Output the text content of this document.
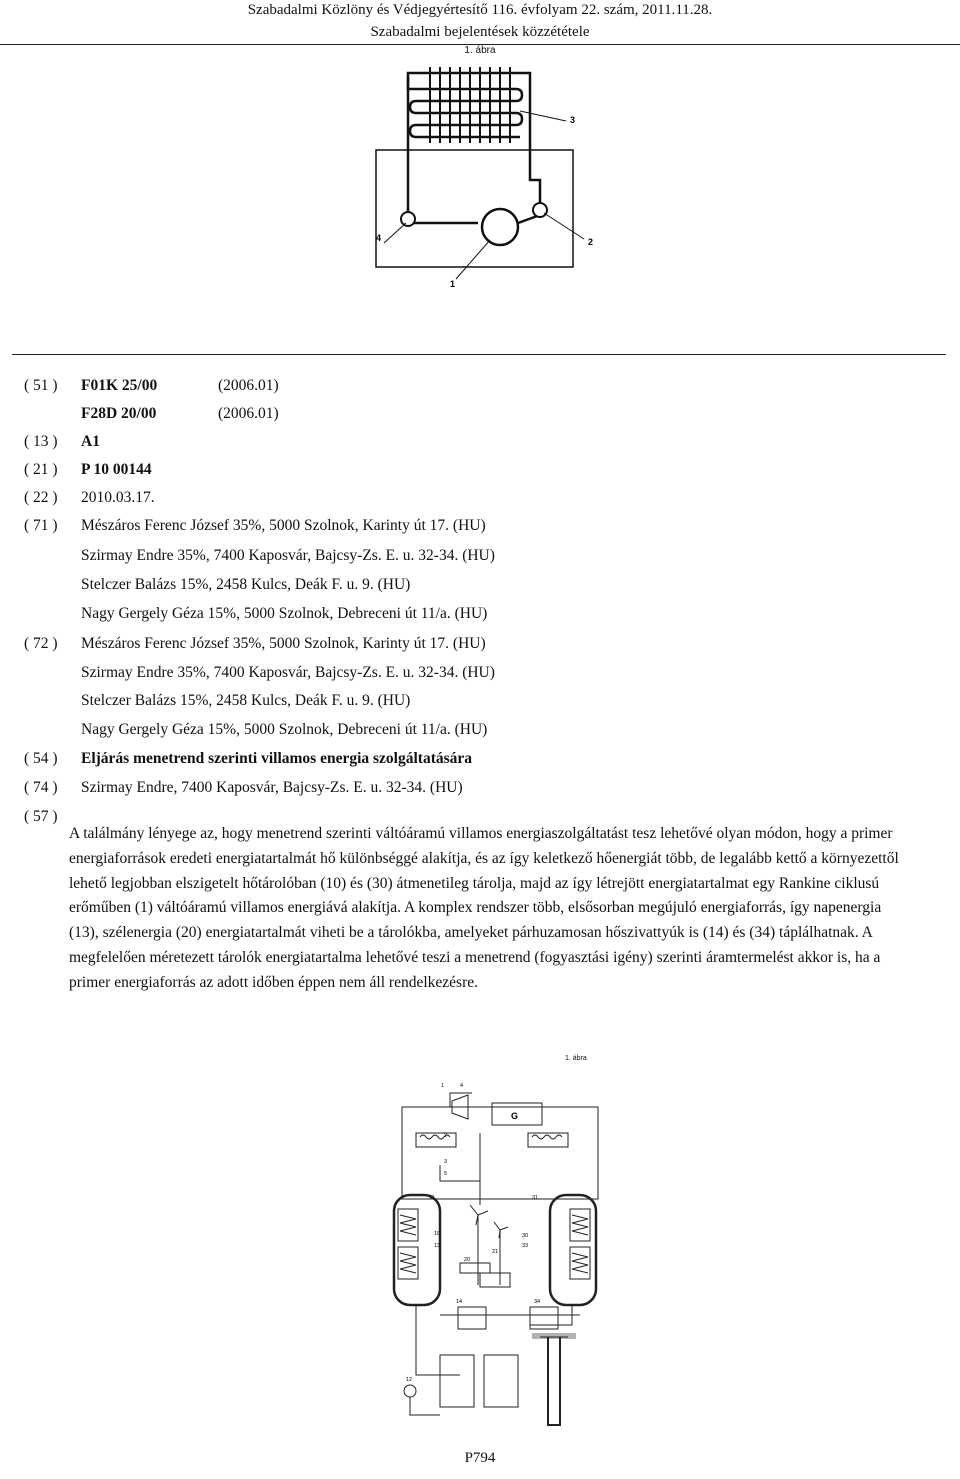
Szabadalmi Közlöny és Védjegyértesítő 116. évfolyam 22. szám, 2011.11.28.
Szabadalmi bejelentések közzététele
1. ábra
1
2
3
4
( 51 ) F01K 25/00	(2006.01)
F28D 20/00	(2006.01)
( 13 ) A1
( 21 ) P 10 00144
( 22 ) 2010.03.17.
( 71 ) Mészáros Ferenc József 35%, 5000 Szolnok, Karinty út 17. (HU)
Szirmay Endre 35%, 7400 Kaposvár, Bajcsy-Zs. E. u. 32-34. (HU)
Stelczer Balázs 15%, 2458 Kulcs, Deák F. u. 9. (HU)
Nagy Gergely Géza 15%, 5000 Szolnok, Debreceni út 11/a. (HU)
( 72 ) Mészáros Ferenc József 35%, 5000 Szolnok, Karinty út 17. (HU)
Szirmay Endre 35%, 7400 Kaposvár, Bajcsy-Zs. E. u. 32-34. (HU)
Stelczer Balázs 15%, 2458 Kulcs, Deák F. u. 9. (HU)
Nagy Gergely Géza 15%, 5000 Szolnok, Debreceni út 11/a. (HU)
( 54 ) Eljárás menetrend szerinti villamos energia szolgáltatására
( 74 ) Szirmay Endre, 7400 Kaposvár, Bajcsy-Zs. E. u. 32-34. (HU)
( 57 )
A találmány lényege az, hogy menetrend szerinti váltóáramú villamos energiaszolgáltatást tesz lehetővé olyan módon, hogy a primer energiaforrások eredeti energiatartalmát hő különbséggé alakítja, és az így keletkező hőenergiát több, de legalább kettő a környezettől lehető legjobban elszigetelt hőtárolóban (10) és (30) átmenetileg tárolja, majd az így létrejött energiatartalmat egy Rankine ciklusú erőműben (1) váltóáramú villamos energiává alakítja. A komplex rendszer több, elsősorban megújuló energiaforrás, így napenergia (13), szélenergia (20) energiatartalmát viheti be a tárolókba, amelyeket párhuzamosan hőszivattyúk is (14) és (34) táplálhatnak. A megfelelően méretezett tárolók energiatartalma lehetővé teszi a menetrend (fogyasztási igény) szerinti áramtermelést akkor is, ha a primer energiaforrás az adott időben éppen nem áll rendelkezésre.
1. ábra
1	4
2
3
5
11	31
10
13
20
21
30
33
14	34
12
G
P794
